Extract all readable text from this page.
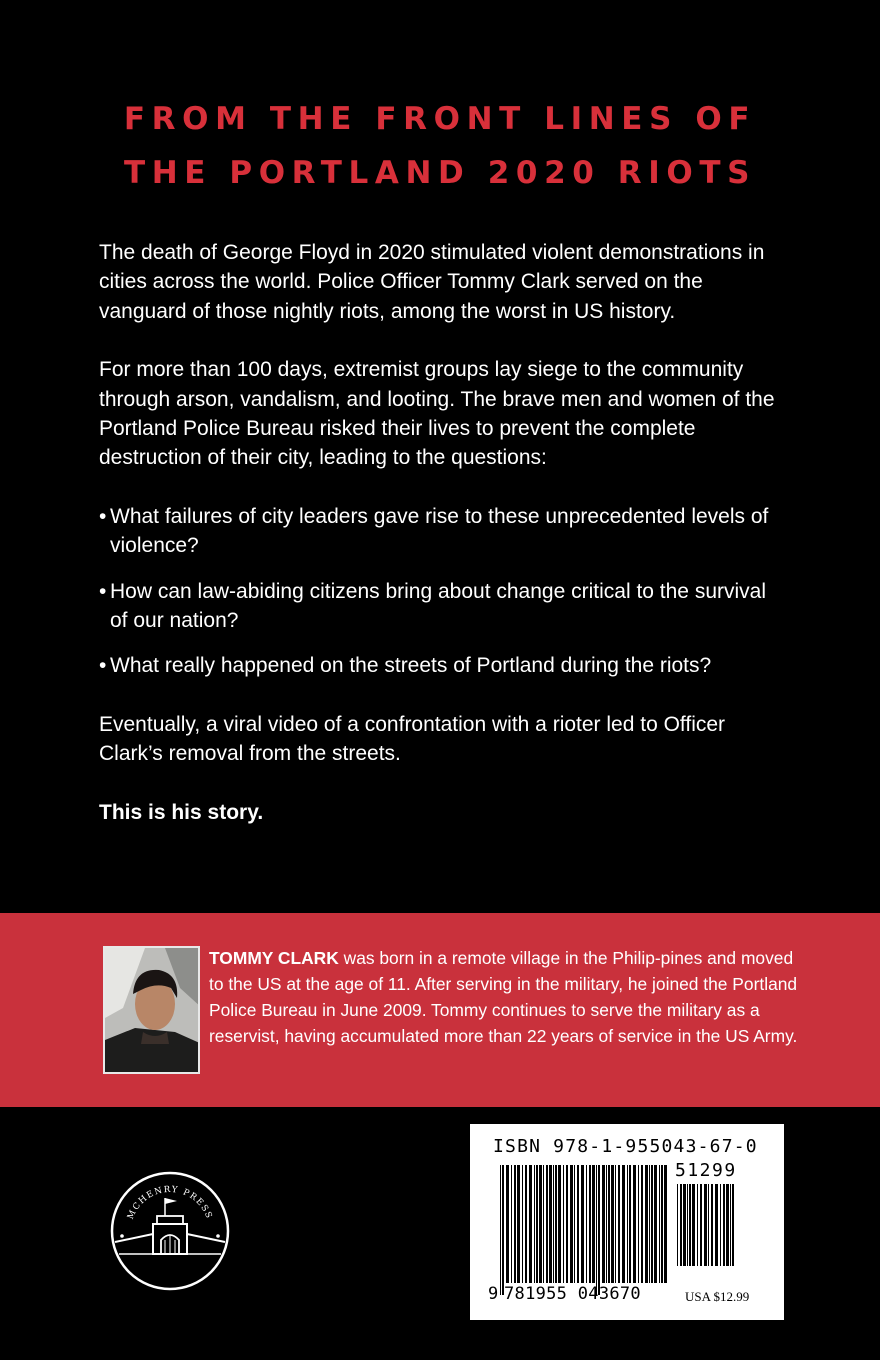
FROM THE FRONT LINES OF
THE PORTLAND 2020 RIOTS

The death of George Floyd in 2020 stimulated violent demonstrations in cities across the world. Police Officer Tommy Clark served on the vanguard of those nightly riots, among the worst in US history.

For more than 100 days, extremist groups lay siege to the community through arson, vandalism, and looting. The brave men and women of the Portland Police Bureau risked their lives to prevent the complete destruction of their city, leading to the questions:

• What failures of city leaders gave rise to these unprecedented levels of violence?
• How can law-abiding citizens bring about change critical to the survival of our nation?
• What really happened on the streets of Portland during the riots?

Eventually, a viral video of a confrontation with a rioter led to Officer Clark’s removal from the streets.

This is his story.

TOMMY CLARK was born in a remote village in the Philip-pines and moved to the US at the age of 11. After serving in the military, he joined the Portland Police Bureau in June 2009. Tommy continues to serve the military as a reservist, having accumulated more than 22 years of service in the US Army.
MCHENRY PRESS
ISBN 978-1-955043-67-0
51299
9 781955 043670	USA $12.99
